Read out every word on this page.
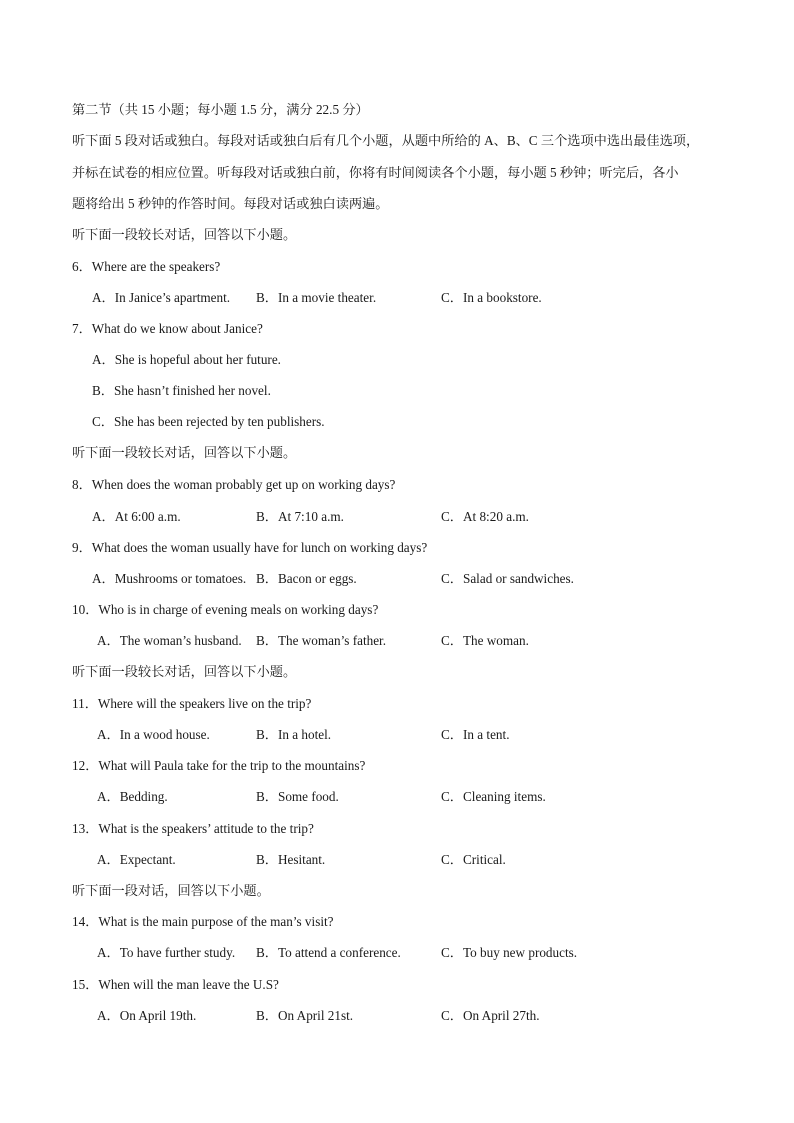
第二节（共 15 小题；每小题 1.5 分，满分 22.5 分）
听下面 5 段对话或独白。每段对话或独白后有几个小题，从题中所给的 A、B、C 三个选项中选出最佳选项，
并标在试卷的相应位置。听每段对话或独白前，你将有时间阅读各个小题，每小题 5 秒钟；听完后，各小
题将给出 5 秒钟的作答时间。每段对话或独白读两遍。
听下面一段较长对话，回答以下小题。
6．Where are the speakers?
A．In Janice’s apartment. B．In a movie theater.	C．In a bookstore.
7．What do we know about Janice?
A．She is hopeful about her future.
B．She hasn’t finished her novel.
C．She has been rejected by ten publishers.
听下面一段较长对话，回答以下小题。
8．When does the woman probably get up on working days?
A．At 6:00 a.m.	B．At 7:10 a.m.	C．At 8:20 a.m.
9．What does the woman usually have for lunch on working days?
A．Mushrooms or tomatoes. B．Bacon or eggs.	C．Salad or sandwiches.
10．Who is in charge of evening meals on working days?
A．The woman’s husband. B．The woman’s father.	C．The woman.
听下面一段较长对话，回答以下小题。
11．Where will the speakers live on the trip?
A．In a wood house.	B．In a hotel.	C．In a tent.
12．What will Paula take for the trip to the mountains?
A．Bedding.	B．Some food.	C．Cleaning items.
13．What is the speakers’ attitude to the trip?
A．Expectant.	B．Hesitant.	C．Critical.
听下面一段对话，回答以下小题。
14．What is the main purpose of the man’s visit?
A．To have further study. B．To attend a conference.	C．To buy new products.
15．When will the man leave the U.S?
A．On April 19th.	B．On April 21st.	C．On April 27th.
